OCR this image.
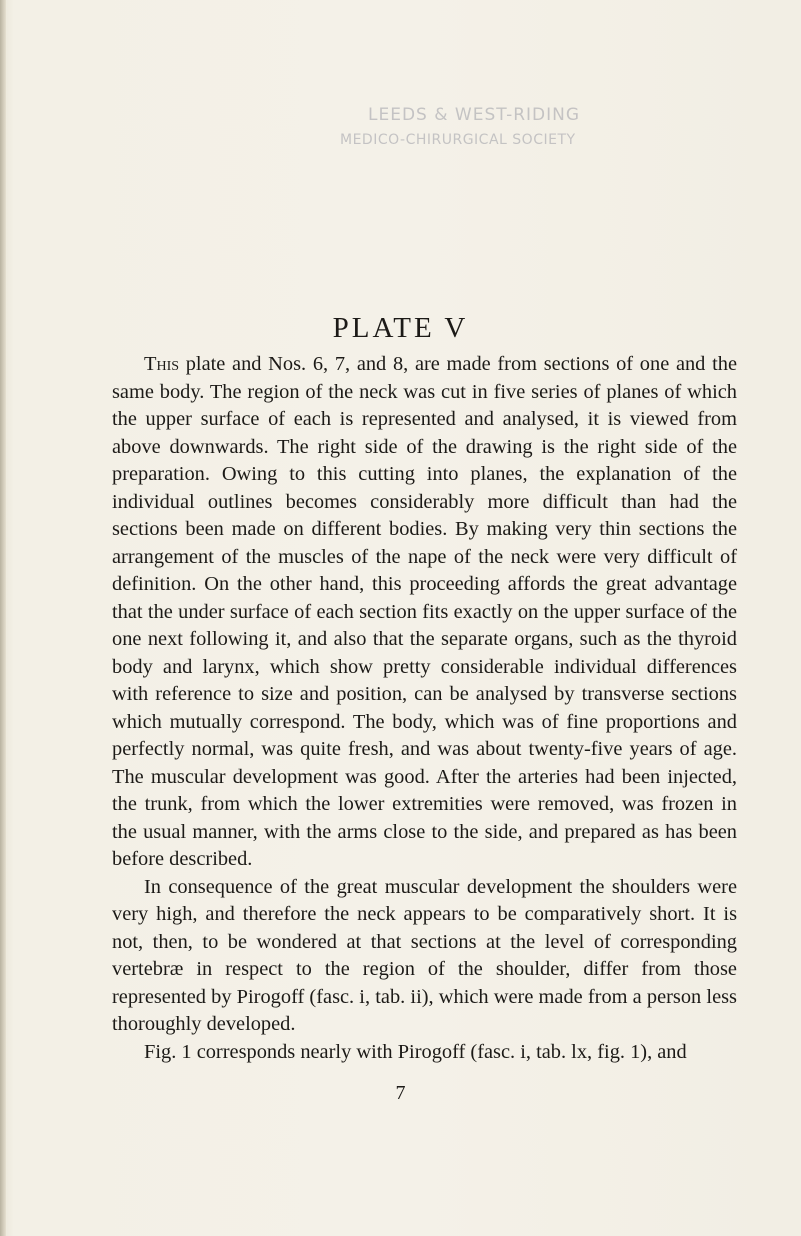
LEEDS & WEST-RIDING
MEDICO-CHIRURGICAL SOCIETY
PLATE V

This plate and Nos. 6, 7, and 8, are made from sections of one and the same body. The region of the neck was cut in five series of planes of which the upper surface of each is represented and analysed, it is viewed from above downwards. The right side of the drawing is the right side of the preparation. Owing to this cutting into planes, the explanation of the individual outlines becomes considerably more difficult than had the sections been made on different bodies. By making very thin sections the arrangement of the muscles of the nape of the neck were very difficult of definition. On the other hand, this proceeding affords the great advantage that the under surface of each section fits exactly on the upper surface of the one next following it, and also that the separate organs, such as the thyroid body and larynx, which show pretty considerable individual differences with reference to size and position, can be analysed by transverse sections which mutually correspond. The body, which was of fine proportions and perfectly normal, was quite fresh, and was about twenty-five years of age. The muscular development was good. After the arteries had been injected, the trunk, from which the lower extremities were removed, was frozen in the usual manner, with the arms close to the side, and prepared as has been before described.

In consequence of the great muscular development the shoulders were very high, and therefore the neck appears to be comparatively short. It is not, then, to be wondered at that sections at the level of corresponding vertebræ in respect to the region of the shoulder, differ from those represented by Pirogoff (fasc. i, tab. ii), which were made from a person less thoroughly developed.

Fig. 1 corresponds nearly with Pirogoff (fasc. i, tab. lx, fig. 1), and

7
